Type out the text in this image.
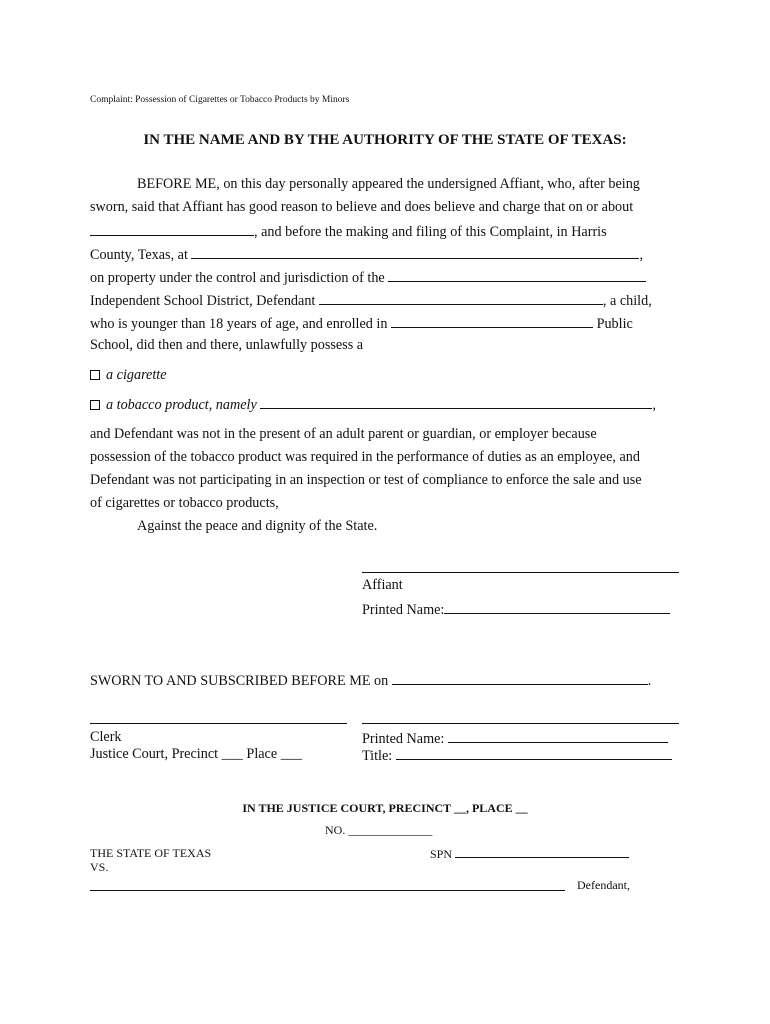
Complaint: Possession of Cigarettes or Tobacco Products by Minors
IN THE NAME AND BY THE AUTHORITY OF THE STATE OF TEXAS:
BEFORE ME, on this day personally appeared the undersigned Affiant, who, after being
sworn, said that Affiant has good reason to believe and does believe and charge that on or about
, and before the making and filing of this Complaint, in Harris
County, Texas, at	,
on property under the control and jurisdiction of the
Independent School District, Defendant	, a child,
who is younger than 18 years of age, and enrolled in	Public
School, did then and there, unlawfully possess a
a cigarette
a tobacco product, namely	,
and Defendant was not in the present of an adult parent or guardian, or employer because
possession of the tobacco product was required in the performance of duties as an employee, and
Defendant was not participating in an inspection or test of compliance to enforce the sale and use
of cigarettes or tobacco products,
Against the peace and dignity of the State.
Affiant
Printed Name:
SWORN TO AND SUBSCRIBED BEFORE ME on	.
Clerk
Justice Court, Precinct ___ Place ___
Printed Name:
Title:
IN THE JUSTICE COURT, PRECINCT __, PLACE __
NO. ______________
THE STATE OF TEXAS
VS.
SPN
Defendant,
